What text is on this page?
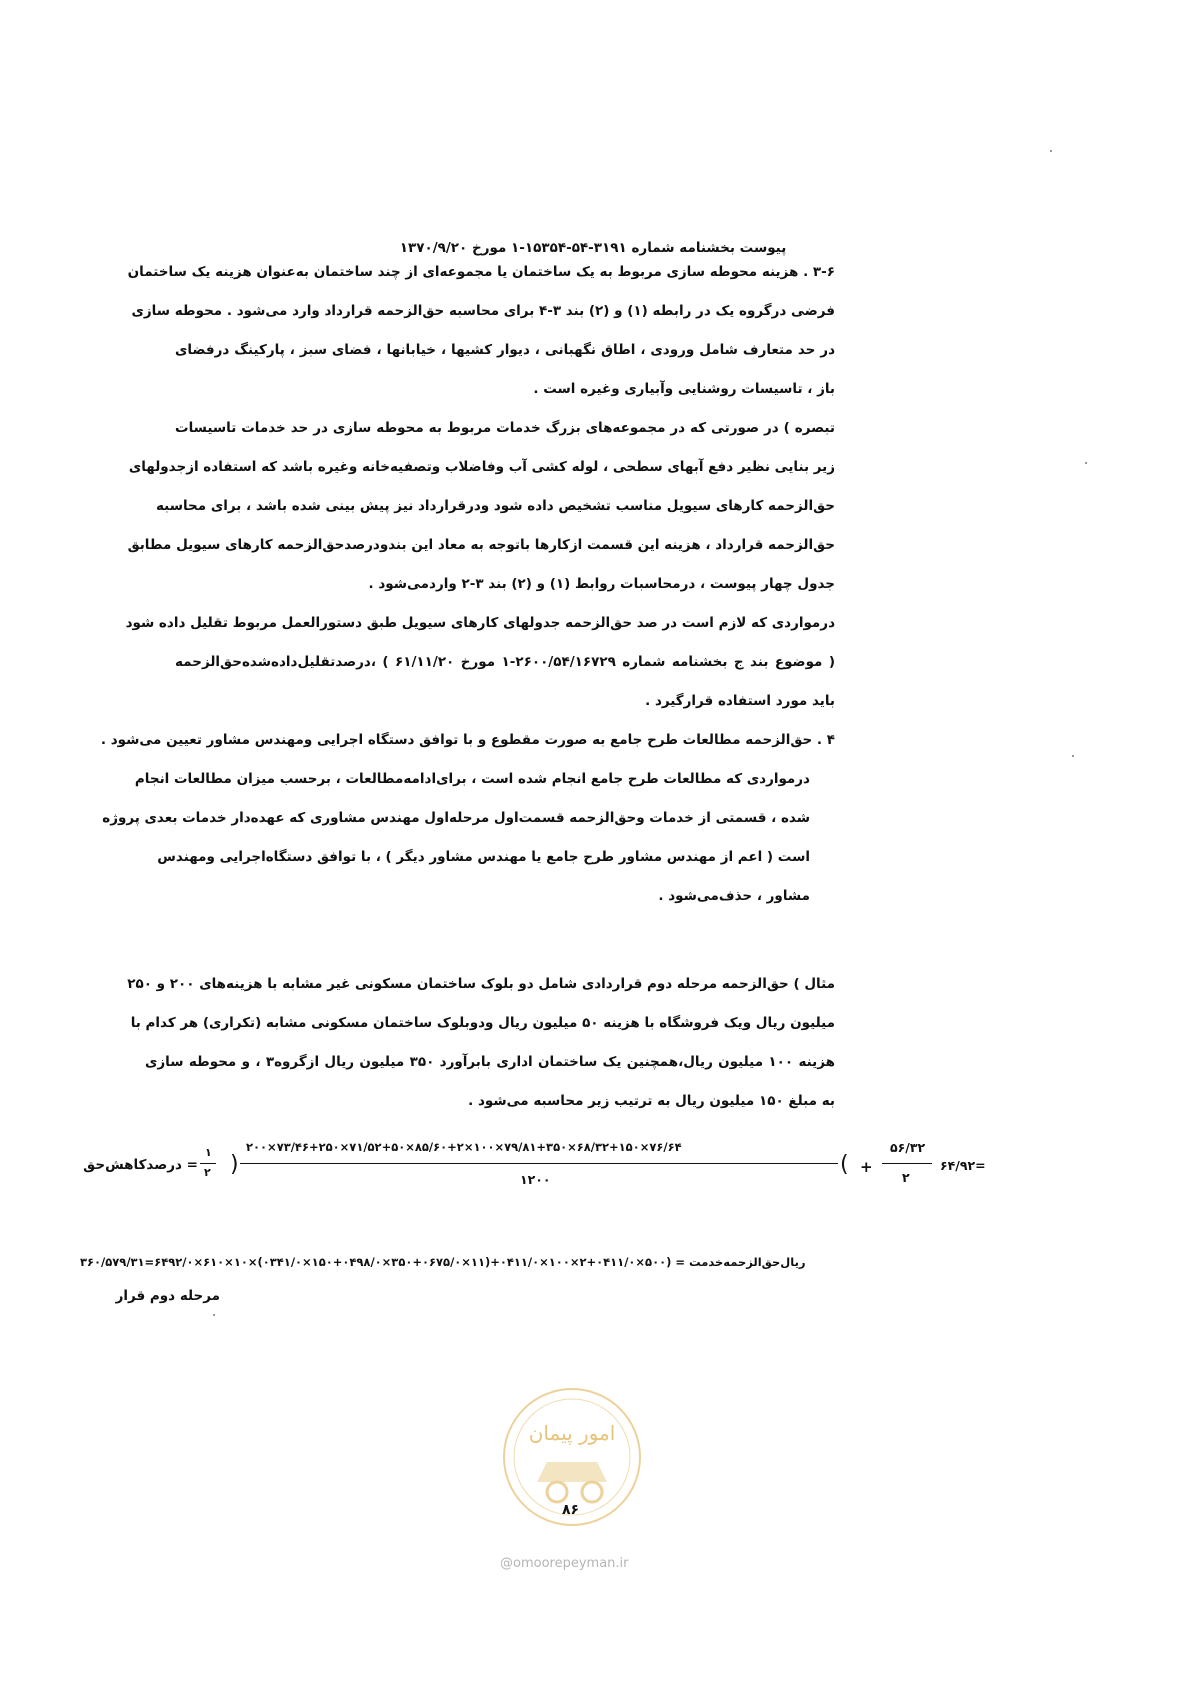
پیوست بخشنامه شماره ۳۱۹۱-۵۴-۱۵۳۵۴-۱ مورخ ۱۳۷۰/۹/۲۰
۳-۶ . هزینه محوطه سازی مربوط به یک ساختمان یا مجموعه‌ای از چند ساختمان به‌عنوان هزینه یک ساختمان
فرضی درگروه یک در رابطه (۱) و (۲) بند ۳-۴ برای محاسبه حق‌الزحمه قرارداد وارد می‌شود . محوطه سازی
در حد متعارف شامل ورودی ، اطاق نگهبانی ، دیوار کشیها ، خیابانها ، فضای سبز ، پارکینگ درفضای
باز ، تاسیسات روشنایی وآبیاری وغیره است .
تبصره ) در صورتی که در مجموعه‌های بزرگ خدمات مربوط به محوطه سازی در حد خدمات تاسیسات
زیر بنایی نظیر دفع آبهای سطحی ، لوله کشی آب وفاضلاب وتصفیه‌خانه وغیره باشد که استفاده ازجدولهای
حق‌الزحمه کارهای سیویل مناسب تشخیص داده شود ودرقرارداد نیز پیش بینی شده باشد ، برای محاسبه
حق‌الزحمه قرارداد ، هزینه این قسمت ازکارها باتوجه به معاد این بندودرصدحق‌الزحمه کارهای سیویل مطابق
جدول چهار پیوست ، درمحاسبات روابط (۱) و (۲) بند ۳-۲ واردمی‌شود .
درمواردی که لازم است در صد حق‌الزحمه جدولهای کارهای سیویل طبق دستورالعمل مربوط تقلیل داده شود
( موضوع بند ج بخشنامه شماره ۲۶۰۰/۵۴/۱۶۷۲۹-۱ مورخ ۶۱/۱۱/۲۰ ) ،درصدتقلیل‌داده‌شده‌حق‌الزحمه
باید مورد استفاده قرارگیرد .
۴ . حق‌الزحمه مطالعات طرح جامع به صورت مقطوع و با توافق دستگاه اجرایی ومهندس مشاور تعیین می‌شود .
درمواردی که مطالعات طرح جامع انجام شده است ، برای‌ادامه‌مطالعات ، برحسب میزان مطالعات انجام
شده ، قسمتی از خدمات وحق‌الزحمه قسمت‌اول مرحله‌اول مهندس مشاوری که عهده‌دار خدمات بعدی پروژه
است ( اعم از مهندس مشاور طرح جامع یا مهندس مشاور دیگر ) ، با توافق دستگاه‌اجرایی ومهندس
مشاور ، حذف‌می‌شود .
مثال ) حق‌الزحمه مرحله دوم قراردادی شامل دو بلوک ساختمان مسکونی غیر مشابه با هزینه‌های ۲۰۰ و ۲۵۰
میلیون ریال ویک فروشگاه با هزینه ۵۰ میلیون ریال ودوبلوک ساختمان مسکونی مشابه (تکراری) هر کدام با
هزینه ۱۰۰ میلیون ریال،همچنین یک ساختمان اداری بابرآورد ۳۵۰ میلیون ریال ازگروه۳ ، و محوطه سازی
به مبلغ ۱۵۰ میلیون ریال به ترتیب زیر محاسبه می‌شود .
۶۴/۹۲=
۵۶/۳۲
۲
+
(
۲۰۰×۷۳/۴۶+۲۵۰×۷۱/۵۲+۵۰×۸۵/۶۰+۲×۱۰۰×۷۹/۸۱+۳۵۰×۶۸/۳۲+۱۵۰×۷۶/۶۴
۱۲۰۰
)
۱
۲
= درصدکاهش‌حق
۳۶۰/۵۷۹/۳۱=۶۴۹۲/۰×۶۱۰×۱۰×(۰۳۴۱/۰×۱۵۰+۰۴۹۸/۰×۳۵۰+۰۶۷۵/۰×۱۱)+۰۴۱۱/۰×۱۰۰×۲+۰۴۱۱/۰×۵۰۰) = ریال‌حق‌الزحمه‌خدمت
مرحله دوم قرار
امور پیمان
۸۶
@omoorepeyman.ir
